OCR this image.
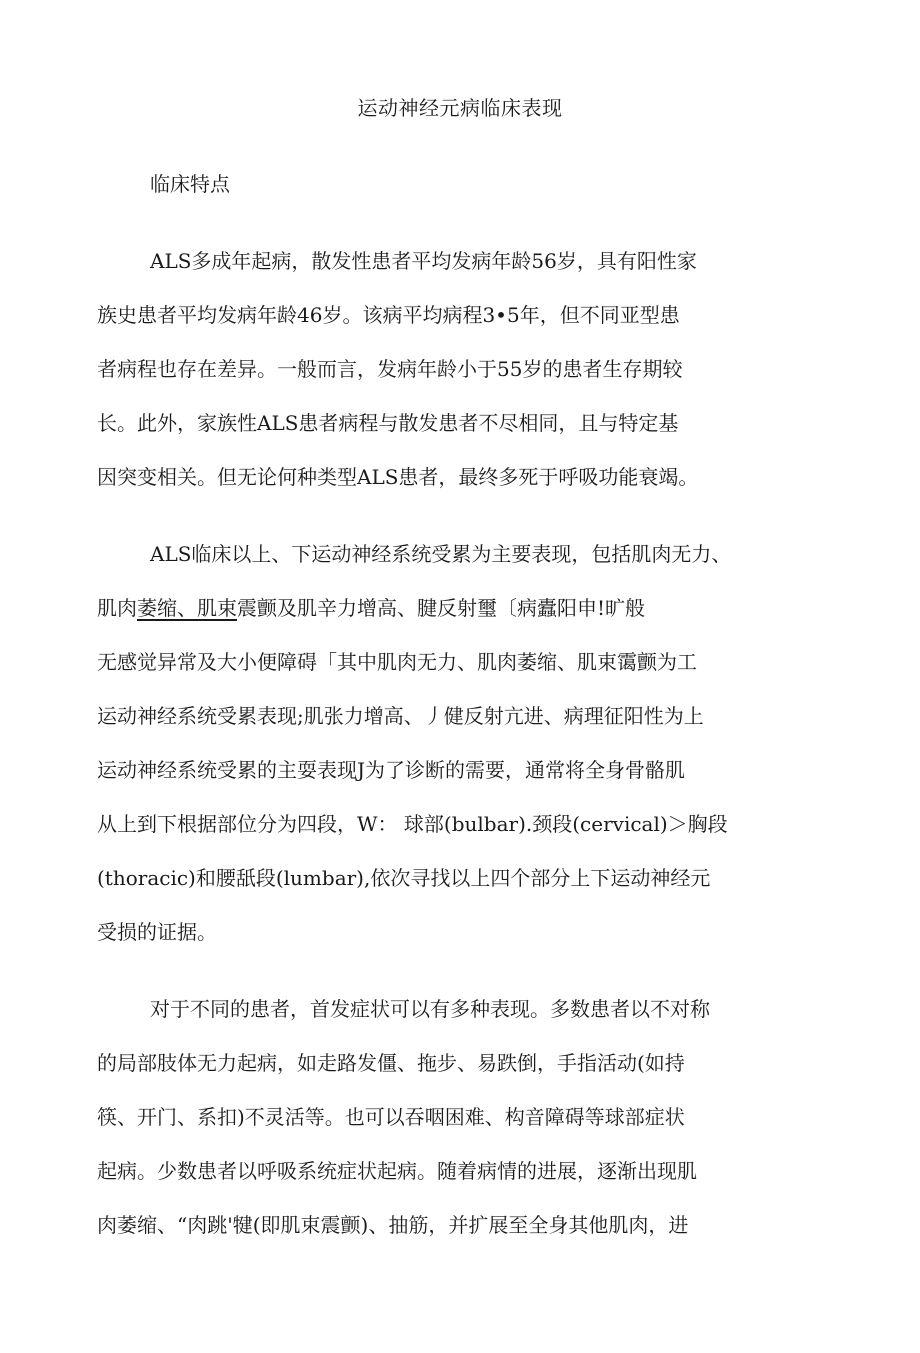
运动神经元病临床表现
临床特点
ALS多成年起病，散发性患者平均发病年龄56岁，具有阳性家
族史患者平均发病年龄46岁。该病平均病程3•5年，但不同亚型患
者病程也存在差异。一般而言，发病年龄小于55岁的患者生存期较
长。此外，家族性ALS患者病程与散发患者不尽相同，且与特定基
因突变相关。但无论何种类型ALS患者，最终多死于呼吸功能衰竭。
ALS临床以上、下运动神经系统受累为主要表现，包括肌肉无力、
肌肉萎缩、肌束震颤及肌辛力增高、腱反射璽〔病蠹阳申!旷般
无感觉异常及大小便障碍「其中肌肉无力、肌肉萎缩、肌束霭颤为工
运动神经系统受累表现;肌张力增高、丿健反射亢进、病理征阳性为上
运动神经系统受累的主耍表现J为了诊断的需要，通常将全身骨骼肌
从上到下根据部位分为四段，W： 球部(bulbar).颈段(cervical)＞胸段
(thoracic)和腰舐段(lumbar),依次寻找以上四个部分上下运动神经元
受损的证据。
对于不同的患者，首发症状可以有多种表现。多数患者以不对称
的局部肢体无力起病，如走路发僵、拖步、易跌倒，手指活动(如持
筷、开门、系扣)不灵活等。也可以吞咽困难、构音障碍等球部症状
起病。少数患者以呼吸系统症状起病。随着病情的进展，逐渐出现肌
肉萎缩、“肉跳'犍(即肌束震颤)、抽筋，并扩展至全身其他肌肉，进
